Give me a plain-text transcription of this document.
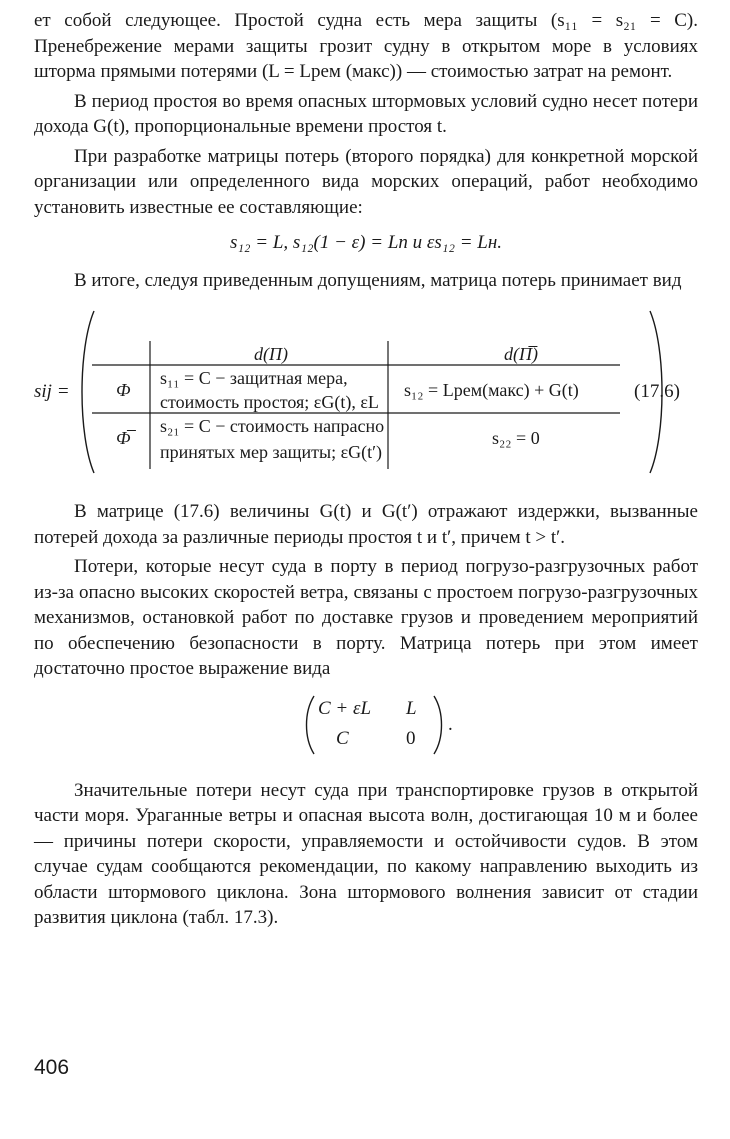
ет собой следующее. Простой судна есть мера защиты (s₁₁ = s₂₁ = C). Пренебрежение мерами защиты грозит судну в открытом море в условиях шторма прямыми потерями (L = Lрем (макс)) — стоимостью затрат на ремонт.

В период простоя во время опасных штормовых условий судно несет потери дохода G(t), пропорциональные времени простоя t.

При разработке матрицы потерь (второго порядка) для конкретной морской организации или определенного вида морских операций, работ необходимо установить известные ее составляющие:

s₁₂ = L, s₁₂(1 − ε) = Lп и εs₁₂ = Lн.

В итоге, следуя приведенным допущениям, матрица потерь принимает вид

sij =
d(П)	d(П̅)
Ф
Ф̅
s₁₁ = C − защитная мера,
стоимость простоя; εG(t), εL
s₁₂ = Lрем(макс) + G(t)
s₂₁ = C − стоимость напрасно
принятых мер защиты; εG(t′)
s₂₂ = 0
(17.6)

В матрице (17.6) величины G(t) и G(t′) отражают издержки, вызванные потерей дохода за различные периоды простоя t и t′, причем t > t′.

Потери, которые несут суда в порту в период погрузо-разгрузочных работ из-за опасно высоких скоростей ветра, связаны с простоем погрузо-разгрузочных механизмов, остановкой работ по доставке грузов и проведением мероприятий по обеспечению безопасности в порту. Матрица потерь при этом имеет достаточно простое выражение вида

C + εL L
C	0
.

Значительные потери несут суда при транспортировке грузов в открытой части моря. Ураганные ветры и опасная высота волн, достигающая 10 м и более — причины потери скорости, управляемости и остойчивости судов. В этом случае судам сообщаются рекомендации, по какому направлению выходить из области штормового циклона. Зона штормового волнения зависит от стадии развития циклона (табл. 17.3).

406
